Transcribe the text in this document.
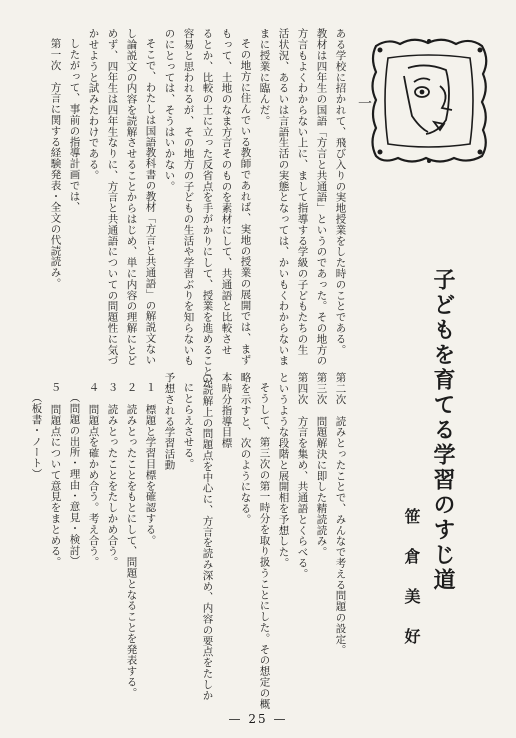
一
子どもを育てる学習のすじ道
笹倉美好
ある学校に招かれて、飛び入りの実地授業をした時のことである。
教材は四年生の国語「方言と共通語」というのであった。その地方の
方言もよくわからない上に、まして指導する学級の子どもたちの生
活状況、あるいは言語生活の実態となっては、かいもくわからないま
まに授業に臨んだ。
その地方に住んでいる教師であれば、実地の授業の展開では、まず
もって、土地のなま方言そのものを素材にして、共通語と比較させ
るとか、比較の土に立った反省点を手がかりにして、授業を進めることが
容易と思われるが、その地方の子どもの生活や学習ぶりを知らないも
のにとっては、そうはいかない。
そこで、わたしは国語教科書の教材「方言と共通語」の解説文ない
し論説文の内容を読解させることからはじめ、単に内容の理解にとど
めず、四年生は四年生なりに、方言と共通語についての問題性に気づ
かせようと試みたわけである。
したがって、事前の指導計画では、
第一次　方言に関する経験発表・全文の代読読み。
第二次　読みとったことで、みんなで考える問題の設定。
第三次　問題解決に即した精読読み。
第四次　方言を集め、共通語とくらべる。
というような段階と展開相を予想した。
そうして、第三次の第一時分を取り扱うことにした。その想定の概
略を示すと、次のようになる。
本時分指導目標
○読解上の問題点を中心に、方言を読み深め、内容の要点をたしか
にとらえさせる。
予想される学習活動
１　標題と学習目標を確認する。
２　読みとったことをもとにして、問題となることを発表する。
３　読みとったことをたしかめ合う。
４　問題点を確かめ合う。考え合う。
（問題の出所・理由・意見・検討）
５　問題点について意見をまとめる。
（板書・ノート）
— 25 —
